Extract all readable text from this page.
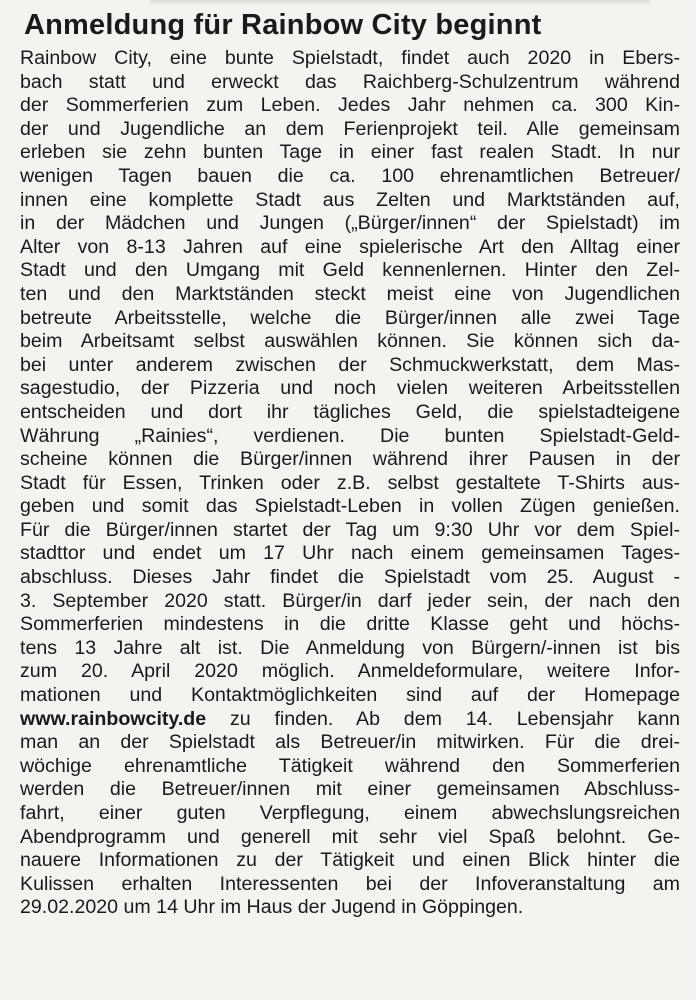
Anmeldung für Rainbow City beginnt
Rainbow City, eine bunte Spielstadt, findet auch 2020 in Ebers-
bach statt und erweckt das Raichberg-Schulzentrum während
der Sommerferien zum Leben. Jedes Jahr nehmen ca. 300 Kin-
der und Jugendliche an dem Ferienprojekt teil. Alle gemeinsam
erleben sie zehn bunten Tage in einer fast realen Stadt. In nur
wenigen Tagen bauen die ca. 100 ehrenamtlichen Betreuer/
innen eine komplette Stadt aus Zelten und Marktständen auf,
in der Mädchen und Jungen („Bürger/innen“ der Spielstadt) im
Alter von 8-13 Jahren auf eine spielerische Art den Alltag einer
Stadt und den Umgang mit Geld kennenlernen. Hinter den Zel-
ten und den Marktständen steckt meist eine von Jugendlichen
betreute Arbeitsstelle, welche die Bürger/innen alle zwei Tage
beim Arbeitsamt selbst auswählen können. Sie können sich da-
bei unter anderem zwischen der Schmuckwerkstatt, dem Mas-
sagestudio, der Pizzeria und noch vielen weiteren Arbeitsstellen
entscheiden und dort ihr tägliches Geld, die spielstadteigene
Währung „Rainies“, verdienen. Die bunten Spielstadt-Geld-
scheine können die Bürger/innen während ihrer Pausen in der
Stadt für Essen, Trinken oder z.B. selbst gestaltete T-Shirts aus-
geben und somit das Spielstadt-Leben in vollen Zügen genießen.
Für die Bürger/innen startet der Tag um 9:30 Uhr vor dem Spiel-
stadttor und endet um 17 Uhr nach einem gemeinsamen Tages-
abschluss. Dieses Jahr findet die Spielstadt vom 25. August -
3. September 2020 statt. Bürger/in darf jeder sein, der nach den
Sommerferien mindestens in die dritte Klasse geht und höchs-
tens 13 Jahre alt ist. Die Anmeldung von Bürgern/-innen ist bis
zum 20. April 2020 möglich. Anmeldeformulare, weitere Infor-
mationen und Kontaktmöglichkeiten sind auf der Homepage
www.rainbowcity.de zu finden. Ab dem 14. Lebensjahr kann
man an der Spielstadt als Betreuer/in mitwirken. Für die drei-
wöchige ehrenamtliche Tätigkeit während den Sommerferien
werden die Betreuer/innen mit einer gemeinsamen Abschluss-
fahrt, einer guten Verpflegung, einem abwechslungsreichen
Abendprogramm und generell mit sehr viel Spaß belohnt. Ge-
nauere Informationen zu der Tätigkeit und einen Blick hinter die
Kulissen erhalten Interessenten bei der Infoveranstaltung am
29.02.2020 um 14 Uhr im Haus der Jugend in Göppingen.
